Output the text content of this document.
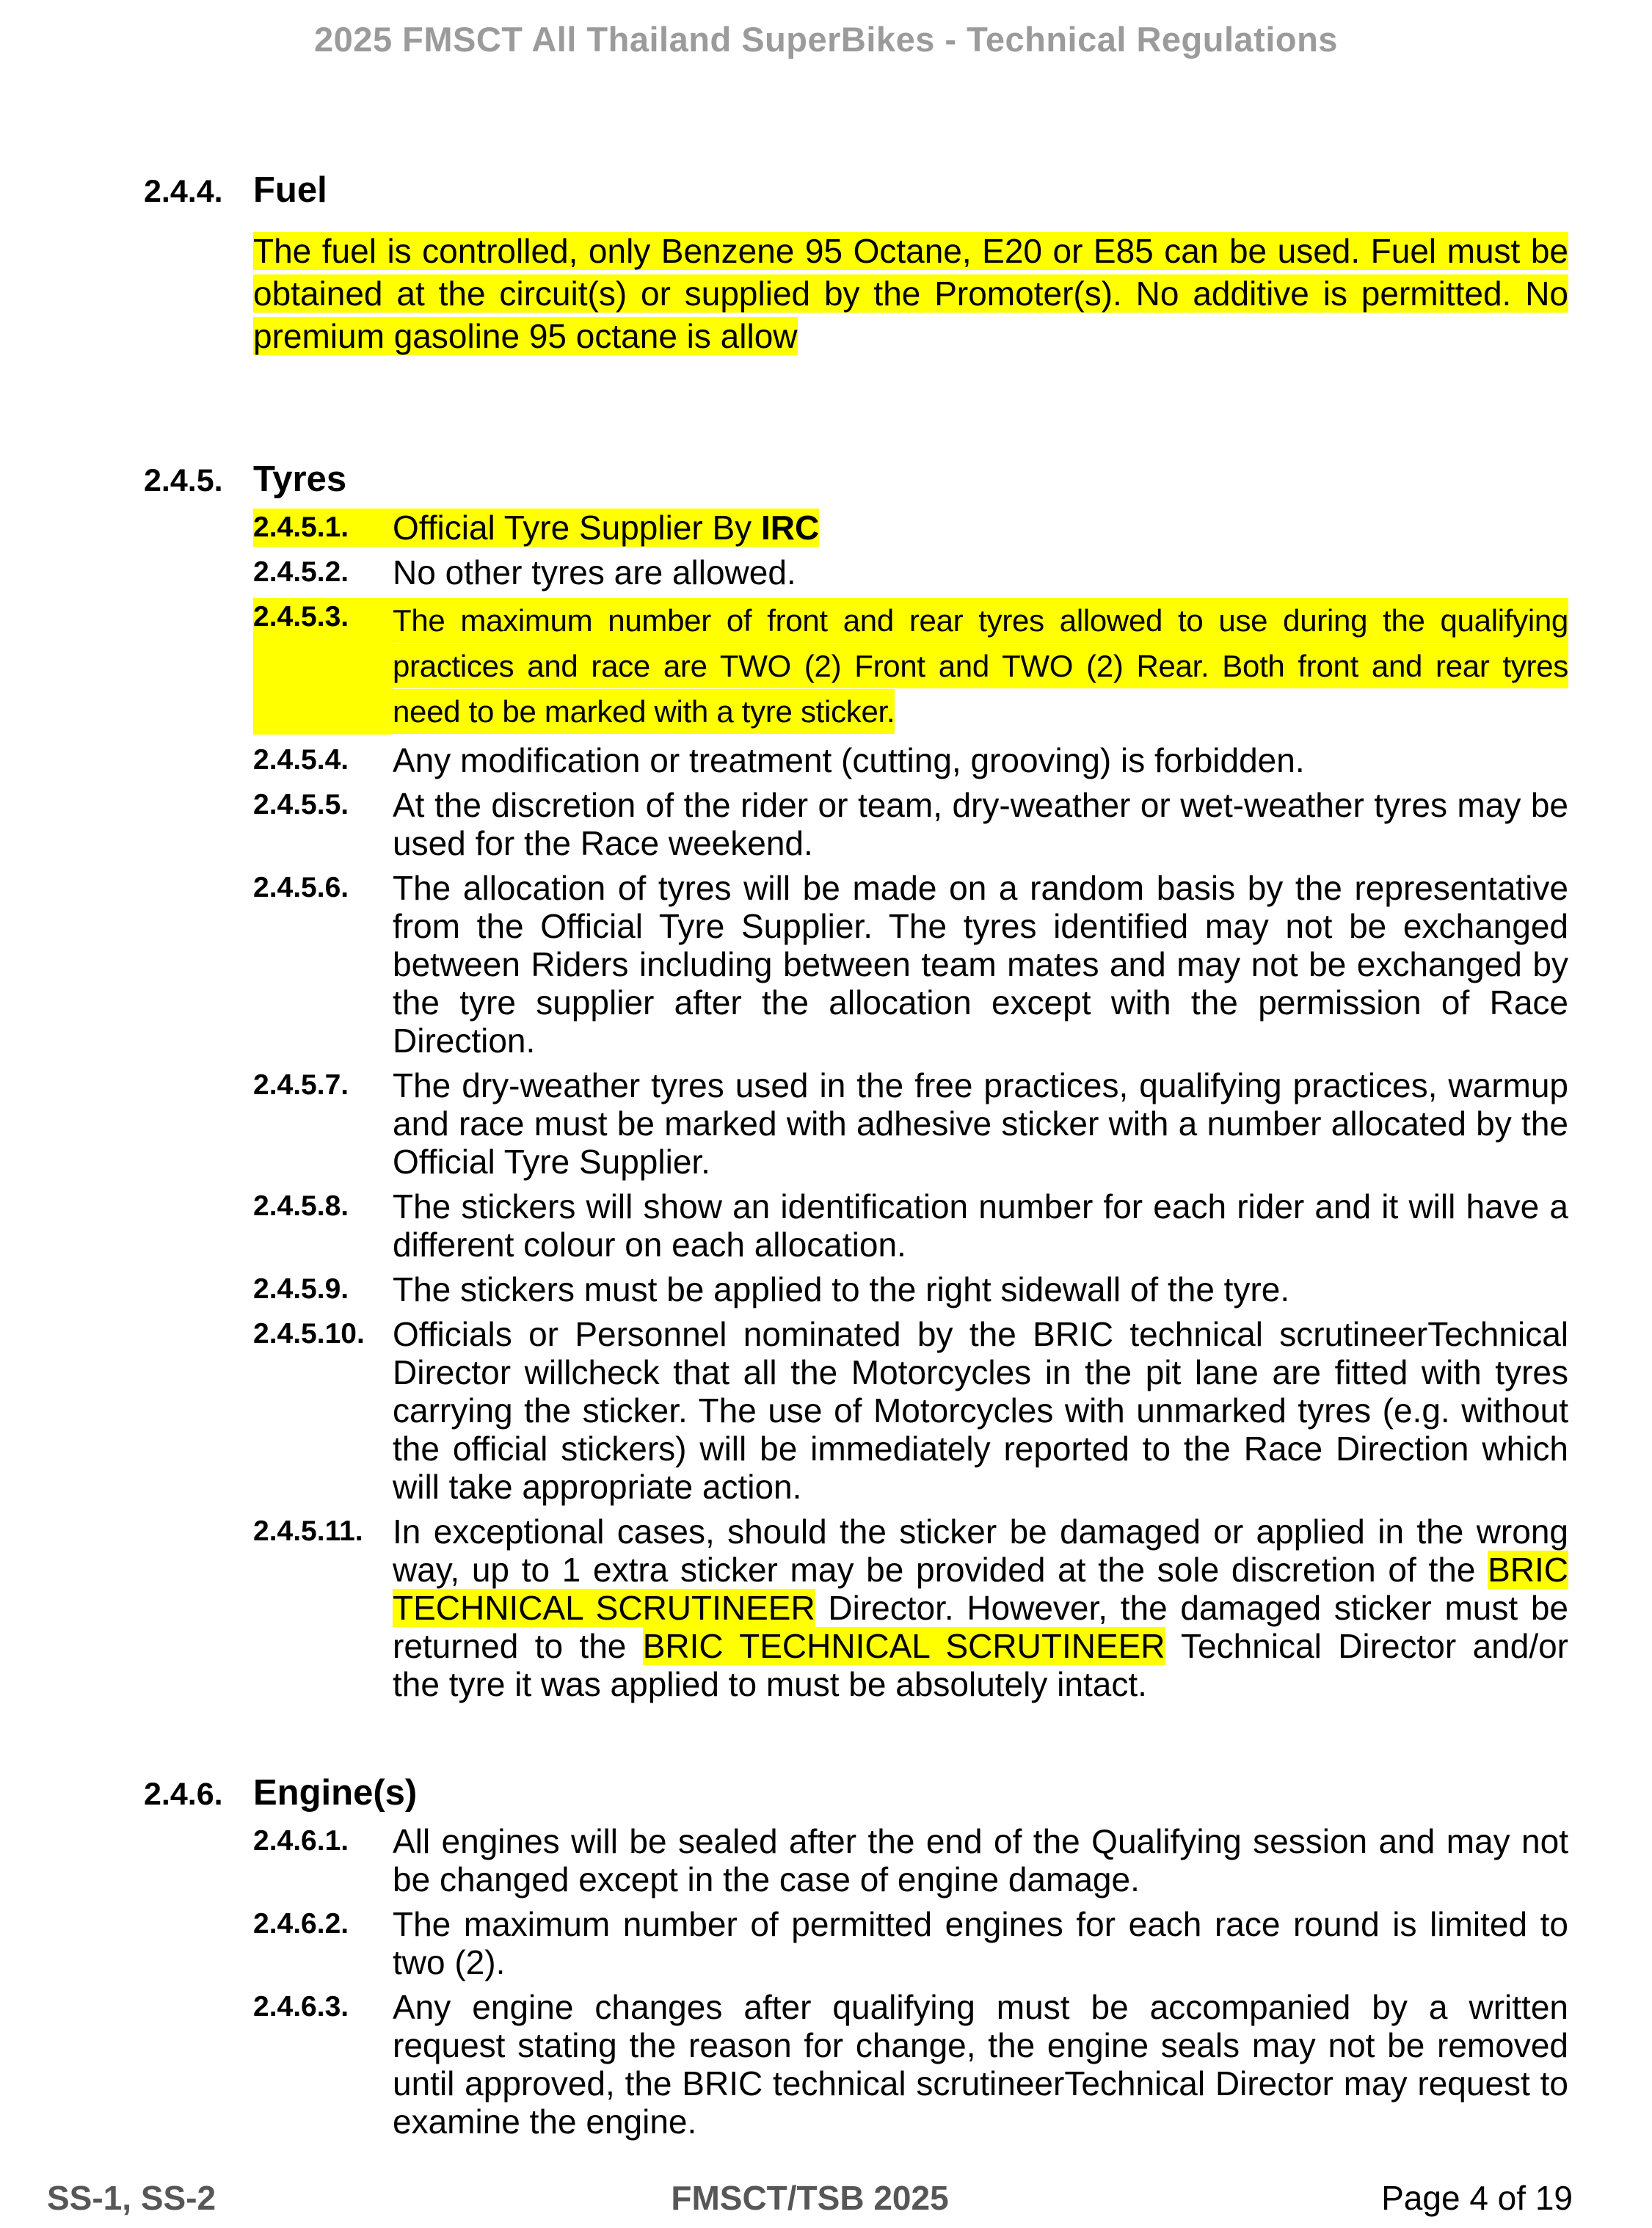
2025 FMSCT All Thailand SuperBikes - Technical Regulations
2.4.4. Fuel
The fuel is controlled, only Benzene 95 Octane, E20 or E85 can be used. Fuel must be obtained at the circuit(s) or supplied by the Promoter(s). No additive is permitted. No premium gasoline 95 octane is allow
2.4.5. Tyres
2.4.5.1.	Official Tyre Supplier By IRC
2.4.5.2.	No other tyres are allowed.
2.4.5.3.	The maximum number of front and rear tyres allowed to use during the qualifying practices and race are TWO (2) Front and TWO (2) Rear. Both front and rear tyres need to be marked with a tyre sticker.
2.4.5.4.	Any modification or treatment (cutting, grooving) is forbidden.
2.4.5.5.	At the discretion of the rider or team, dry-weather or wet-weather tyres may be used for the Race weekend.
2.4.5.6.	The allocation of tyres will be made on a random basis by the representative from the Official Tyre Supplier. The tyres identified may not be exchanged between Riders including between team mates and may not be exchanged by the tyre supplier after the allocation except with the permission of Race Direction.
2.4.5.7.	The dry-weather tyres used in the free practices, qualifying practices, warmup and race must be marked with adhesive sticker with a number allocated by the Official Tyre Supplier.
2.4.5.8.	The stickers will show an identification number for each rider and it will have a different colour on each allocation.
2.4.5.9.	The stickers must be applied to the right sidewall of the tyre.
2.4.5.10. Officials or Personnel nominated by the BRIC technical scrutineerTechnical Director willcheck that all the Motorcycles in the pit lane are fitted with tyres carrying the sticker. The use of Motorcycles with unmarked tyres (e.g. without the official stickers) will be immediately reported to the Race Direction which will take appropriate action.
2.4.5.11. In exceptional cases, should the sticker be damaged or applied in the wrong way, up to 1 extra sticker may be provided at the sole discretion of the BRIC TECHNICAL SCRUTINEER Director. However, the damaged sticker must be returned to the BRIC TECHNICAL SCRUTINEER Technical Director and/or the tyre it was applied to must be absolutely intact.
2.4.6. Engine(s)
2.4.6.1.	All engines will be sealed after the end of the Qualifying session and may not be changed except in the case of engine damage.
2.4.6.2.	The maximum number of permitted engines for each race round is limited to two (2).
2.4.6.3.	Any engine changes after qualifying must be accompanied by a written request stating the reason for change, the engine seals may not be removed until approved, the BRIC technical scrutineerTechnical Director may request to examine the engine.
SS-1, SS-2	FMSCT/TSB 2025	Page 4 of 19
